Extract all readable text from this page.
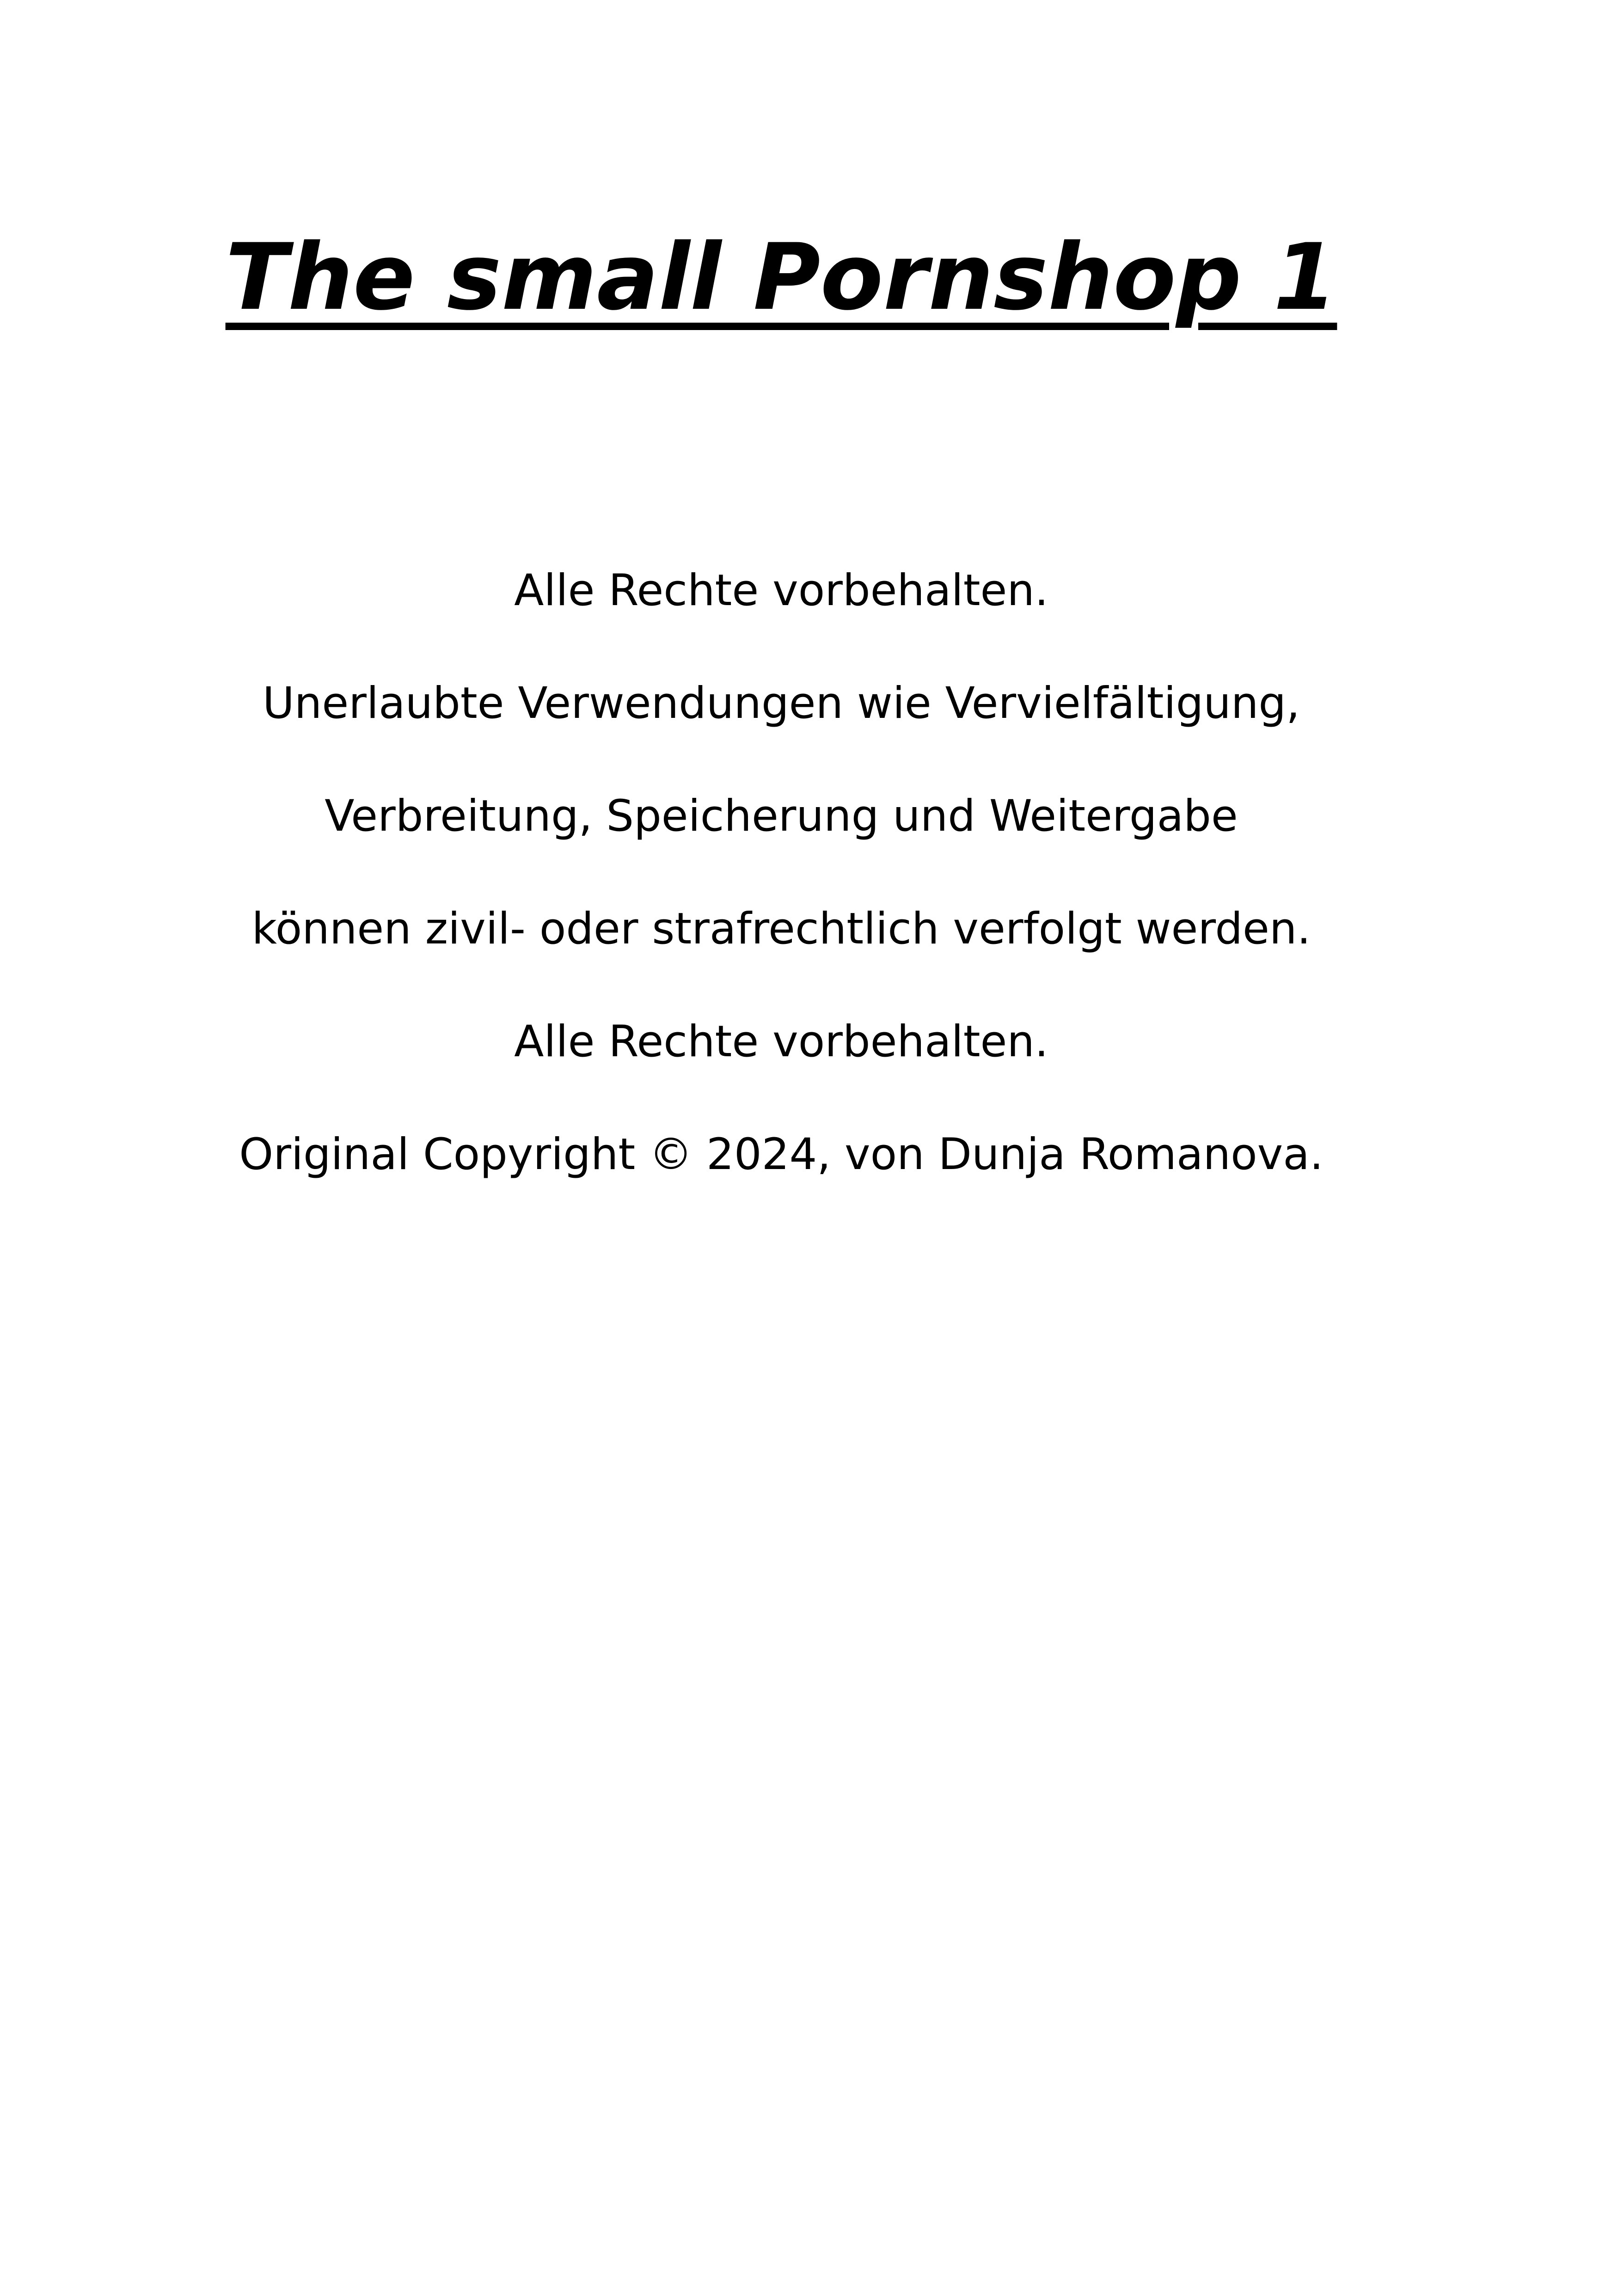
The small Pornshop 1
Alle Rechte vorbehalten.
Unerlaubte Verwendungen wie Vervielfältigung,
Verbreitung, Speicherung und Weitergabe
können zivil- oder strafrechtlich verfolgt werden.
Alle Rechte vorbehalten.
Original Copyright © 2024, von Dunja Romanova.
